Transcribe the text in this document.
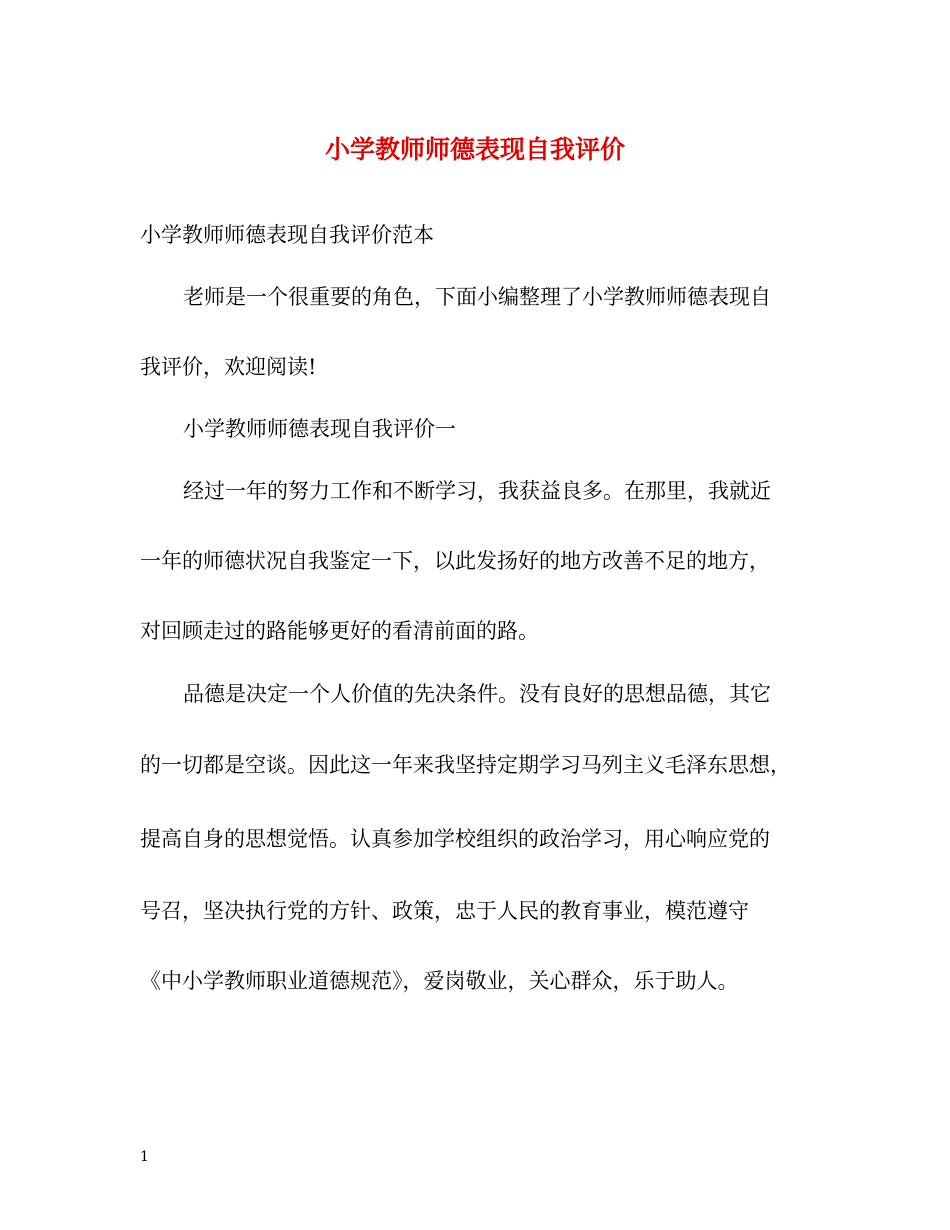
小学教师师德表现自我评价
小学教师师德表现自我评价范本
老师是一个很重要的角色，下面小编整理了小学教师师德表现自
我评价，欢迎阅读!
小学教师师德表现自我评价一
经过一年的努力工作和不断学习，我获益良多。在那里，我就近
一年的师德状况自我鉴定一下，以此发扬好的地方改善不足的地方，
对回顾走过的路能够更好的看清前面的路。
品德是决定一个人价值的先决条件。没有良好的思想品德，其它
的一切都是空谈。因此这一年来我坚持定期学习马列主义毛泽东思想，
提高自身的思想觉悟。认真参加学校组织的政治学习，用心响应党的
号召，坚决执行党的方针、政策，忠于人民的教育事业，模范遵守
《中小学教师职业道德规范》，爱岗敬业，关心群众，乐于助人。
1
